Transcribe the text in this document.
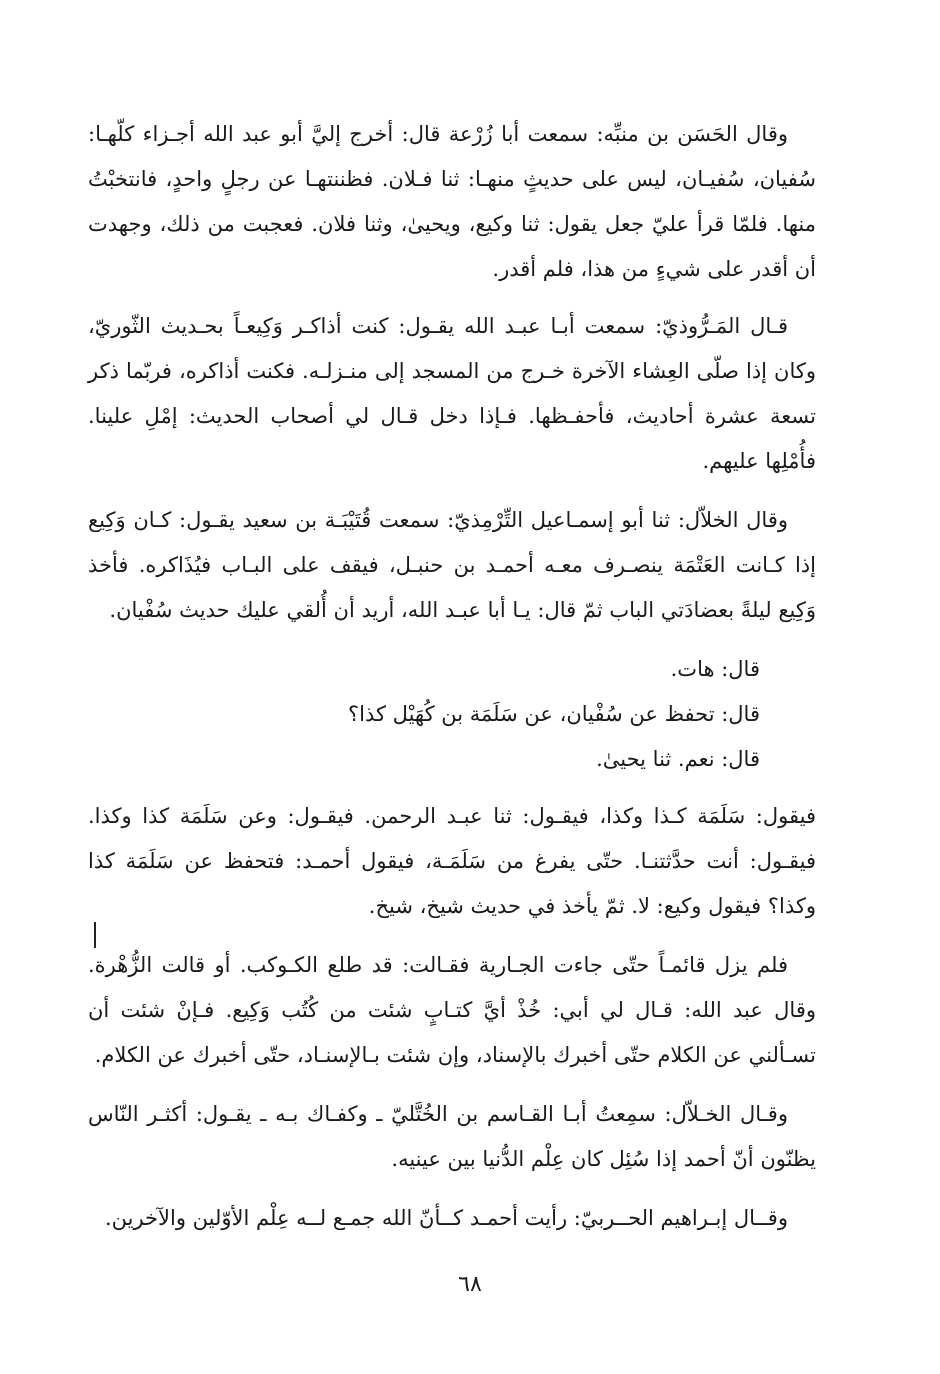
وقال الحَسَن بن منبِّه: سمعت أبا زُرْعة قال: أخرج إليَّ أبو عبد الله أجـزاء كلّهـا: سُفيان، سُفيـان، ليس على حديثٍ منهـا: ثنا فـلان. فظننتهـا عن رجلٍ واحدٍ، فانتخبْتُ منها. فلمّا قرأ عليّ جعل يقول: ثنا وكيع، ويحيىٰ، وثنا فلان. فعجبت من ذلك، وجهدت أن أقدر على شيءٍ من هذا، فلم أقدر.

قـال المَـرُّوذيّ: سمعت أبـا عبـد الله يقـول: كنت أذاكـر وَكِيعـاً بحـديث الثّوريّ، وكان إذا صلّى العِشاء الآخرة خـرج من المسجد إلى منـزلـه. فكنت أذاكره، فربّما ذكر تسعة عشرة أحاديث، فأحفـظها. فـإذا دخل قـال لي أصحاب الحديث: إمْلِ علينا. فأُمْلِها عليهم.

وقال الخلاّل: ثنا أبو إسمـاعيل التِّرْمِذيّ: سمعت قُتَيْبَـة بن سعيد يقـول: كـان وَكِيع إذا كـانت العَتْمَة ينصـرف معـه أحمـد بن حنبـل، فيقف على البـاب فيُذَاكره. فأخذ وَكِيع ليلةً بعضادَتي الباب ثمّ قال: يـا أبا عبـد الله، أريد أن أُلقي عليك حديث سُفْيان.

قال: هات.

قال: تحفظ عن سُفْيان، عن سَلَمَة بن كُهَيْل كذا؟

قال: نعم. ثنا يحيىٰ.

فيقول: سَلَمَة كـذا وكذا، فيقـول: ثنا عبـد الرحمن. فيقـول: وعن سَلَمَة كذا وكذا. فيقـول: أنت حدَّثتنـا. حتّى يفرغ من سَلَمَـة، فيقول أحمـد: فتحفظ عن سَلَمَة كذا وكذا؟ فيقول وكيع: لا. ثمّ يأخذ في حديث شيخ، شيخ.

فلم يزل قائمـاً حتّى جاءت الجـارية فقـالت: قد طلع الكـوكب. أو قالت الزُّهْرة. وقال عبد الله: قـال لي أبي: خُذْ أيَّ كتـابٍ شئت من كُتُب وَكِيع. فـإنْ شئت أن تسـألني عن الكلام حتّى أخبرك بالإسناد، وإن شئت بـالإسنـاد، حتّى أخبرك عن الكلام.

وقـال الخـلاّل: سمِعتُ أبـا القـاسم بن الخُتَّليّ ـ وكفـاك بـه ـ يقـول: أكثـر النّاس يظنّون أنّ أحمد إذا سُئِل كان عِلْم الدُّنيا بين عينيه.

وقــال إبـراهيم الحــربيّ: رأيت أحمـد كــأنّ الله جمـع لــه عِلْم الأوّلين والآخرين.

٦٨
